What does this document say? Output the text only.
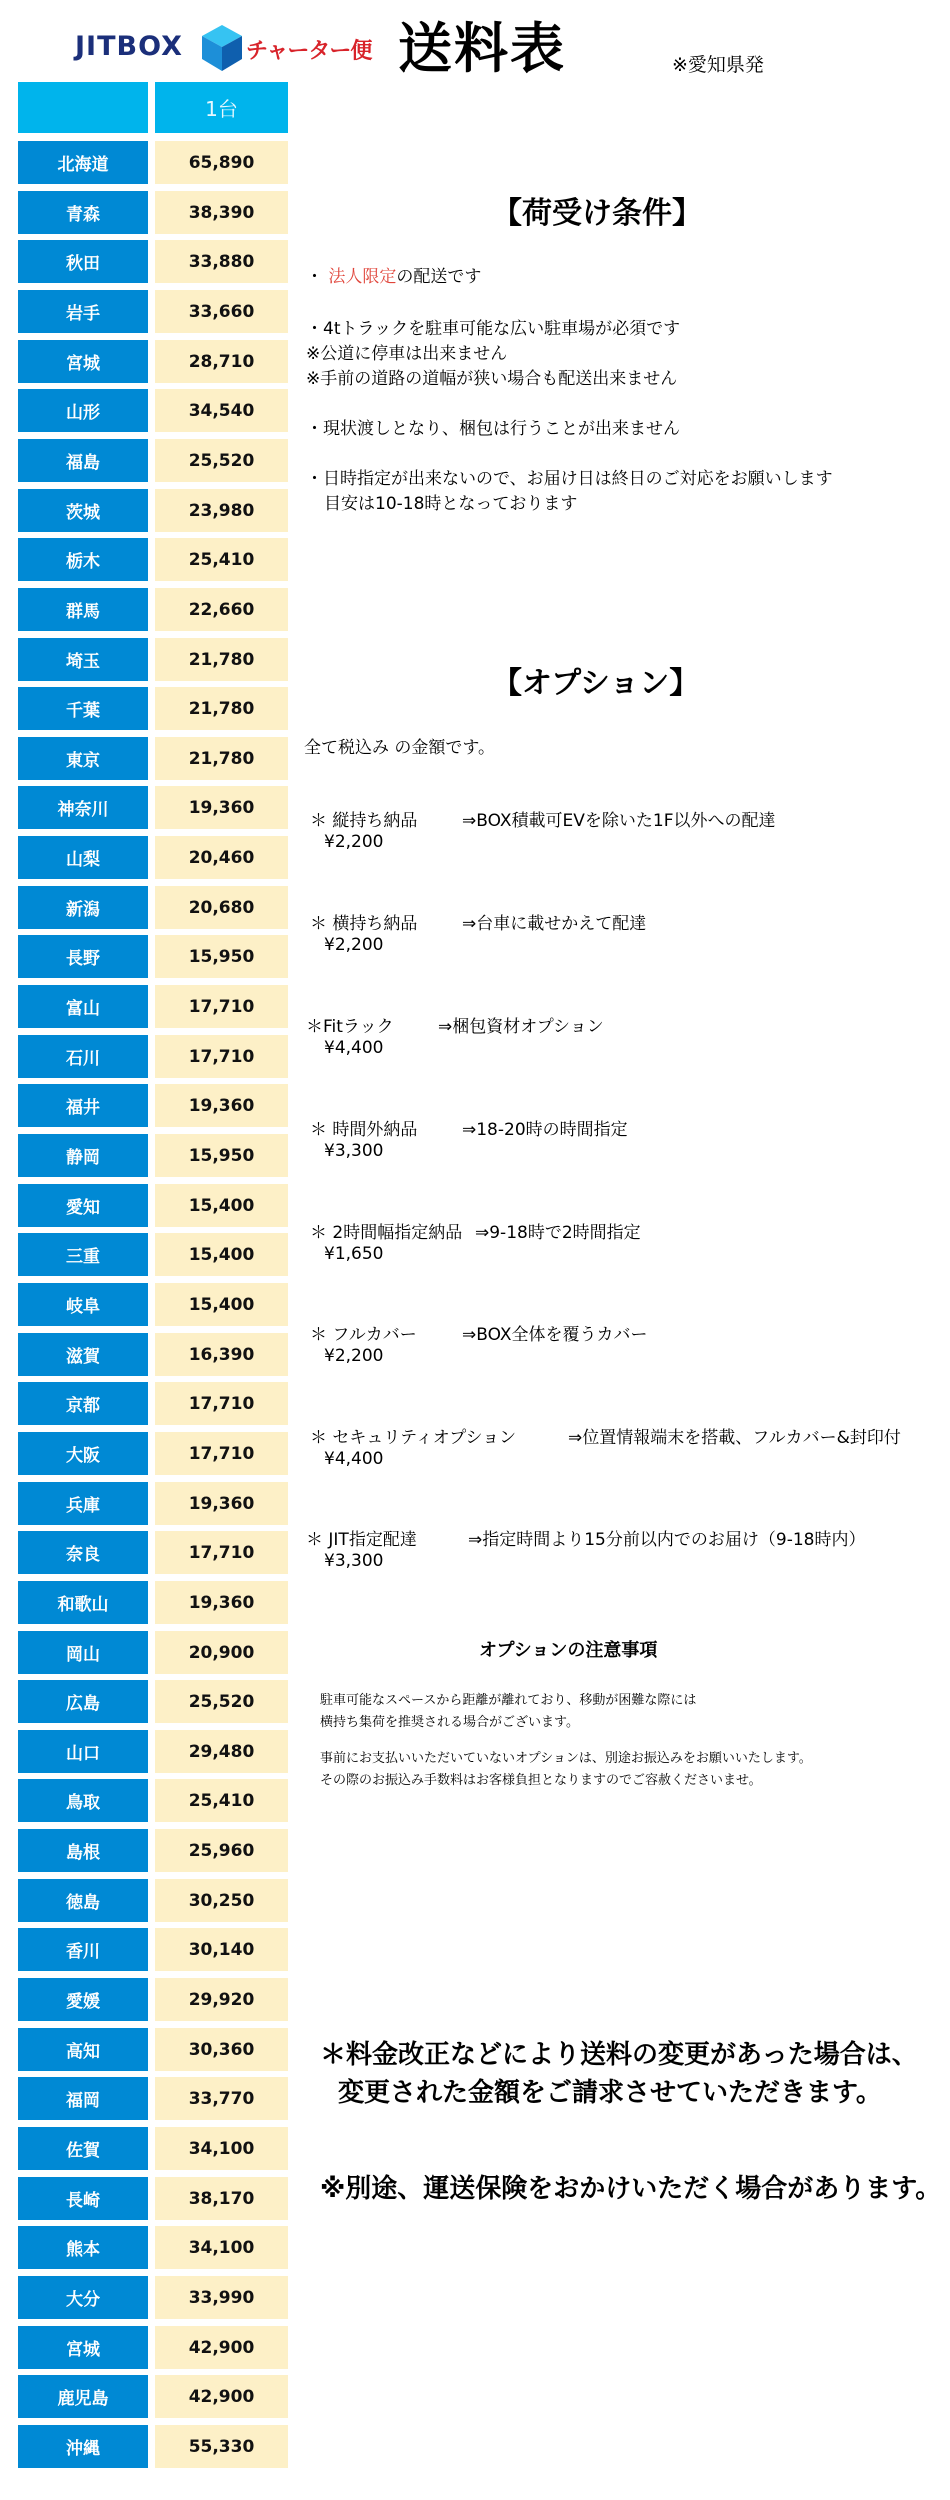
JITBOX	チャーター便 送料表	※愛知県発
1台
北海道	65,890
青森	38,390
秋田	33,880
岩手	33,660
宮城	28,710
山形	34,540
福島	25,520
茨城	23,980
栃木	25,410
群馬	22,660
埼玉	21,780
千葉	21,780
東京	21,780
神奈川	19,360
山梨	20,460
新潟	20,680
長野	15,950
富山	17,710
石川	17,710
福井	19,360
静岡	15,950
愛知	15,400
三重	15,400
岐阜	15,400
滋賀	16,390
京都	17,710
大阪	17,710
兵庫	19,360
奈良	17,710
和歌山	19,360
岡山	20,900
広島	25,520
山口	29,480
鳥取	25,410
島根	25,960
徳島	30,250
香川	30,140
愛媛	29,920
高知	30,360
福岡	33,770
佐賀	34,100
長崎	38,170
熊本	34,100
大分	33,990
宮城	42,900
鹿児島	42,900
沖縄	55,330
【荷受け条件】
・ 法人限定の配送です
・4tトラックを駐車可能な広い駐車場が必須です
※公道に停車は出来ません
※手前の道路の道幅が狭い場合も配送出来ません
・現状渡しとなり、梱包は行うことが出来ません
・日時指定が出来ないので、お届け日は終日のご対応をお願いします
目安は10-18時となっております
【オプション】
全て税込み の金額です。
＊ 縦持ち納品	⇒BOX積載可EVを除いた1F以外への配達
¥2,200
＊ 横持ち納品	⇒台車に載せかえて配達
¥2,200
＊Fitラック	⇒梱包資材オプション
¥4,400
＊ 時間外納品	⇒18-20時の時間指定
¥3,300
＊ 2時間幅指定納品 ⇒9-18時で2時間指定
¥1,650
＊ フルカバー	⇒BOX全体を覆うカバー
¥2,200
＊ セキュリティオプション	⇒位置情報端末を搭載、フルカバー&封印付
¥4,400
＊ JIT指定配達	⇒指定時間より15分前以内でのお届け（9-18時内）
¥3,300
オプションの注意事項
駐車可能なスペースから距離が離れており、移動が困難な際には
横持ち集荷を推奨される場合がございます。
事前にお支払いいただいていないオプションは、別途お振込みをお願いいたします。
その際のお振込み手数料はお客様負担となりますのでご容赦くださいませ。
＊料金改正などにより送料の変更があった場合は、
変更された金額をご請求させていただきます。
※別途、運送保険をおかけいただく場合があります。
